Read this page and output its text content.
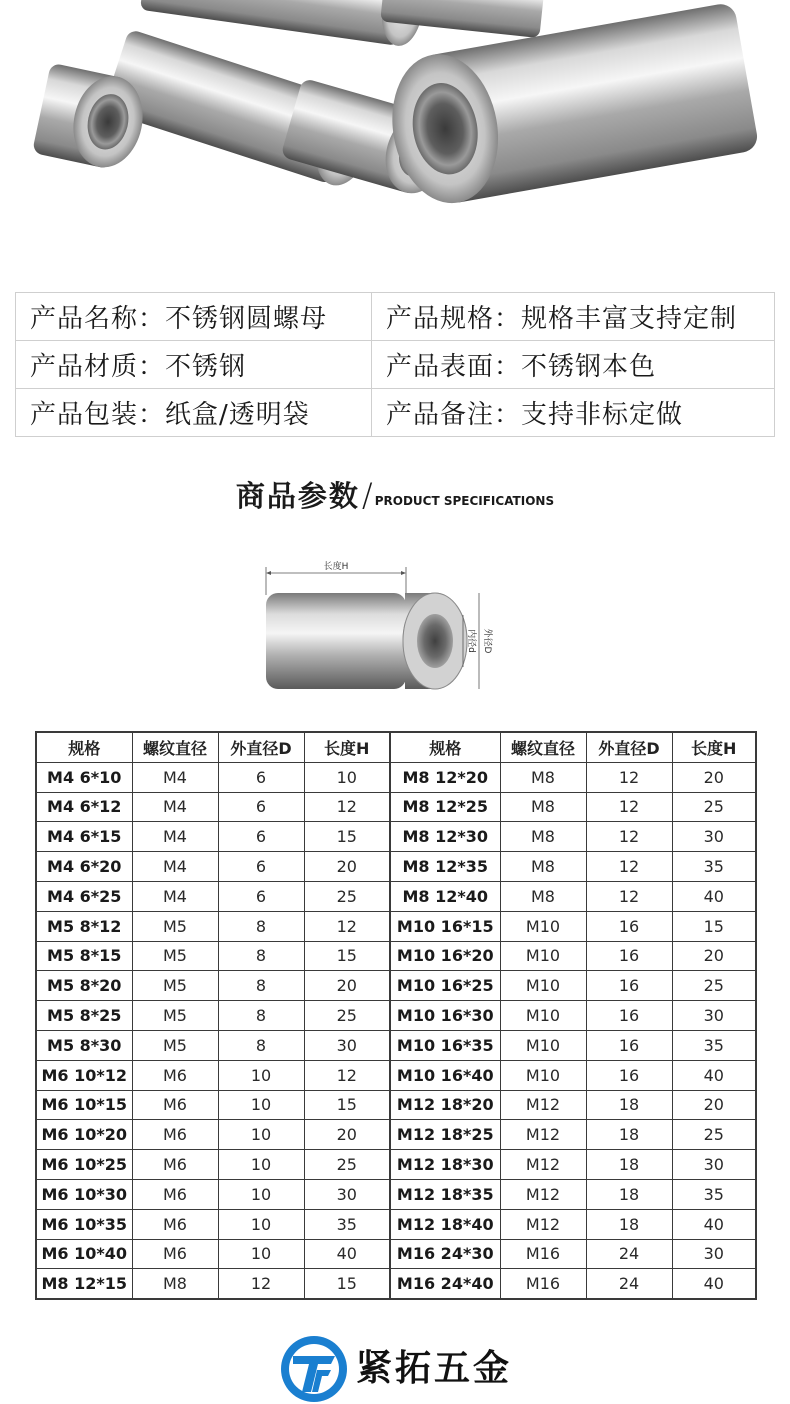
产品名称：不锈钢圆螺母	产品规格：规格丰富支持定制
产品材质：不锈钢	产品表面：不锈钢本色
产品包装：纸盒/透明袋	产品备注：支持非标定做
商品参数/ $_{PRODUCT SPECIFICATIONS}$
长度H
内径d 外径D
规格	螺纹直径	外直径D	长度H	规格	螺纹直径	外直径D	长度H
M4 6*10	M4	6	10	M8 12*20	M8	12	20
M4 6*12	M4	6	12	M8 12*25	M8	12	25
M4 6*15	M4	6	15	M8 12*30	M8	12	30
M4 6*20	M4	6	20	M8 12*35	M8	12	35
M4 6*25	M4	6	25	M8 12*40	M8	12	40
M5 8*12	M5	8	12	M10 16*15	M10	16	15
M5 8*15	M5	8	15	M10 16*20	M10	16	20
M5 8*20	M5	8	20	M10 16*25	M10	16	25
M5 8*25	M5	8	25	M10 16*30	M10	16	30
M5 8*30	M5	8	30	M10 16*35	M10	16	35
M6 10*12	M6	10	12	M10 16*40	M10	16	40
M6 10*15	M6	10	15	M12 18*20	M12	18	20
M6 10*20	M6	10	20	M12 18*25	M12	18	25
M6 10*25	M6	10	25	M12 18*30	M12	18	30
M6 10*30	M6	10	30	M12 18*35	M12	18	35
M6 10*35	M6	10	35	M12 18*40	M12	18	40
M6 10*40	M6	10	40	M16 24*30	M16	24	30
M8 12*15	M8	12	15	M16 24*40	M16	24	40
紧拓五金
